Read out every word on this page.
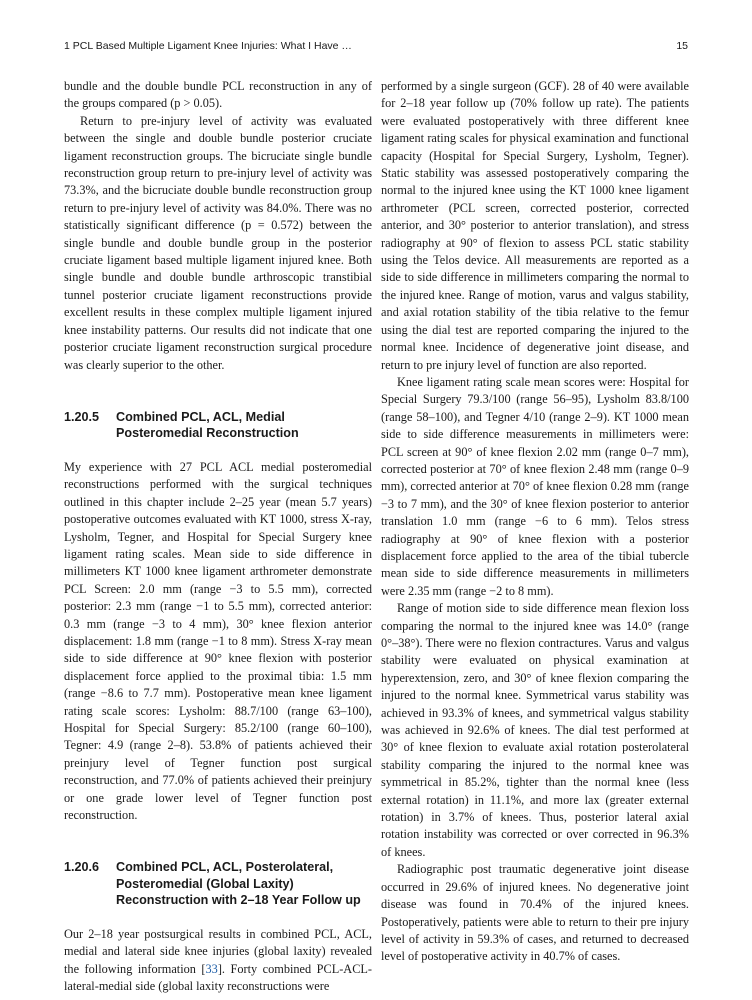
1 PCL Based Multiple Ligament Knee Injuries: What I Have …	15

bundle and the double bundle PCL reconstruction in any of the groups compared (p > 0.05).

Return to pre-injury level of activity was evaluated between the single and double bundle posterior cruciate ligament reconstruction groups. The bicruciate single bundle reconstruction group return to pre-injury level of activity was 73.3%, and the bicruciate double bundle reconstruction group return to pre-injury level of activity was 84.0%. There was no statistically significant difference (p = 0.572) between the single bundle and double bundle group in the posterior cruciate ligament based multiple ligament injured knee. Both single bundle and double bundle arthroscopic transtibial tunnel posterior cruciate ligament reconstructions provide excellent results in these complex multiple ligament injured knee instability patterns. Our results did not indicate that one posterior cruciate ligament reconstruction surgical procedure was clearly superior to the other.

1.20.5	Combined PCL, ACL, Medial Posteromedial Reconstruction

My experience with 27 PCL ACL medial posteromedial reconstructions performed with the surgical techniques outlined in this chapter include 2–25 year (mean 5.7 years) postoperative outcomes evaluated with KT 1000, stress X-ray, Lysholm, Tegner, and Hospital for Special Surgery knee ligament rating scales. Mean side to side difference in millimeters KT 1000 knee ligament arthrometer demonstrate PCL Screen: 2.0 mm (range −3 to 5.5 mm), corrected posterior: 2.3 mm (range −1 to 5.5 mm), corrected anterior: 0.3 mm (range −3 to 4 mm), 30° knee flexion anterior displacement: 1.8 mm (range −1 to 8 mm). Stress X-ray mean side to side difference at 90° knee flexion with posterior displacement force applied to the proximal tibia: 1.5 mm (range −8.6 to 7.7 mm). Postoperative mean knee ligament rating scale scores: Lysholm: 88.7/100 (range 63–100), Hospital for Special Surgery: 85.2/100 (range 60–100), Tegner: 4.9 (range 2–8). 53.8% of patients achieved their preinjury level of Tegner function post surgical reconstruction, and 77.0% of patients achieved their preinjury or one grade lower level of Tegner function post reconstruction.

1.20.6	Combined PCL, ACL, Posterolateral, Posteromedial (Global Laxity) Reconstruction with 2–18 Year Follow up

Our 2–18 year postsurgical results in combined PCL, ACL, medial and lateral side knee injuries (global laxity) revealed the following information [33]. Forty combined PCL-ACL-lateral-medial side (global laxity reconstructions were

performed by a single surgeon (GCF). 28 of 40 were available for 2–18 year follow up (70% follow up rate). The patients were evaluated postoperatively with three different knee ligament rating scales for physical examination and functional capacity (Hospital for Special Surgery, Lysholm, Tegner). Static stability was assessed postoperatively comparing the normal to the injured knee using the KT 1000 knee ligament arthrometer (PCL screen, corrected posterior, corrected anterior, and 30° posterior to anterior translation), and stress radiography at 90° of flexion to assess PCL static stability using the Telos device. All measurements are reported as a side to side difference in millimeters comparing the normal to the injured knee. Range of motion, varus and valgus stability, and axial rotation stability of the tibia relative to the femur using the dial test are reported comparing the injured to the normal knee. Incidence of degenerative joint disease, and return to pre injury level of function are also reported.

Knee ligament rating scale mean scores were: Hospital for Special Surgery 79.3/100 (range 56–95), Lysholm 83.8/100 (range 58–100), and Tegner 4/10 (range 2–9). KT 1000 mean side to side difference measurements in millimeters were: PCL screen at 90° of knee flexion 2.02 mm (range 0–7 mm), corrected posterior at 70° of knee flexion 2.48 mm (range 0–9 mm), corrected anterior at 70° of knee flexion 0.28 mm (range −3 to 7 mm), and the 30° of knee flexion posterior to anterior translation 1.0 mm (range −6 to 6 mm). Telos stress radiography at 90° of knee flexion with a posterior displacement force applied to the area of the tibial tubercle mean side to side difference measurements in millimeters were 2.35 mm (range −2 to 8 mm).

Range of motion side to side difference mean flexion loss comparing the normal to the injured knee was 14.0° (range 0°–38°). There were no flexion contractures. Varus and valgus stability were evaluated on physical examination at hyperextension, zero, and 30° of knee flexion comparing the injured to the normal knee. Symmetrical varus stability was achieved in 93.3% of knees, and symmetrical valgus stability was achieved in 92.6% of knees. The dial test performed at 30° of knee flexion to evaluate axial rotation posterolateral stability comparing the injured to the normal knee was symmetrical in 85.2%, tighter than the normal knee (less external rotation) in 11.1%, and more lax (greater external rotation) in 3.7% of knees. Thus, posterior lateral axial rotation instability was corrected or over corrected in 96.3% of knees.

Radiographic post traumatic degenerative joint disease occurred in 29.6% of injured knees. No degenerative joint disease was found in 70.4% of the injured knees. Postoperatively, patients were able to return to their pre injury level of activity in 59.3% of cases, and returned to decreased level of postoperative activity in 40.7% of cases.
